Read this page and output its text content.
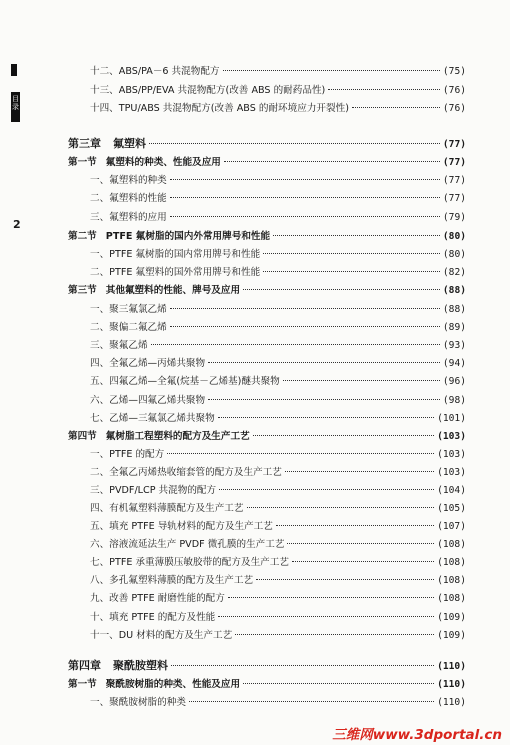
目录
2
十二、ABS/PA－6 共混物配方	(75)
十三、ABS/PP/EVA 共混物配方(改善 ABS 的耐药品性)	(76)
十四、TPU/ABS 共混物配方(改善 ABS 的耐环境应力开裂性)	(76)
第三章 氟塑料	(77)
第一节 氟塑料的种类、性能及应用	(77)
一、氟塑料的种类	(77)
二、氟塑料的性能	(77)
三、氟塑料的应用	(79)
第二节 PTFE 氟树脂的国内外常用牌号和性能	(80)
一、PTFE 氟树脂的国内常用牌号和性能	(80)
二、PTFE 氟塑料的国外常用牌号和性能	(82)
第三节 其他氟塑料的性能、牌号及应用	(88)
一、聚三氟氯乙烯	(88)
二、聚偏二氟乙烯	(89)
三、聚氟乙烯	(93)
四、全氟乙烯—丙烯共聚物	(94)
五、四氟乙烯—全氟(烷基－乙烯基)醚共聚物	(96)
六、乙烯—四氟乙烯共聚物	(98)
七、乙烯—三氟氯乙烯共聚物	(101)
第四节 氟树脂工程塑料的配方及生产工艺	(103)
一、PTFE 的配方	(103)
二、全氟乙丙烯热收缩套管的配方及生产工艺	(103)
三、PVDF/LCP 共混物的配方	(104)
四、有机氟塑料薄膜配方及生产工艺	(105)
五、填充 PTFE 导轨材料的配方及生产工艺	(107)
六、溶液流延法生产 PVDF 微孔膜的生产工艺	(108)
七、PTFE 承重薄膜压敏胶带的配方及生产工艺	(108)
八、多孔氟塑料薄膜的配方及生产工艺	(108)
九、改善 PTFE 耐磨性能的配方	(108)
十、填充 PTFE 的配方及性能	(109)
十一、DU 材料的配方及生产工艺	(109)
第四章 聚酰胺塑料	(110)
第一节 聚酰胺树脂的种类、性能及应用	(110)
一、聚酰胺树脂的种类	(110)
三维网www.3dportal.cn
